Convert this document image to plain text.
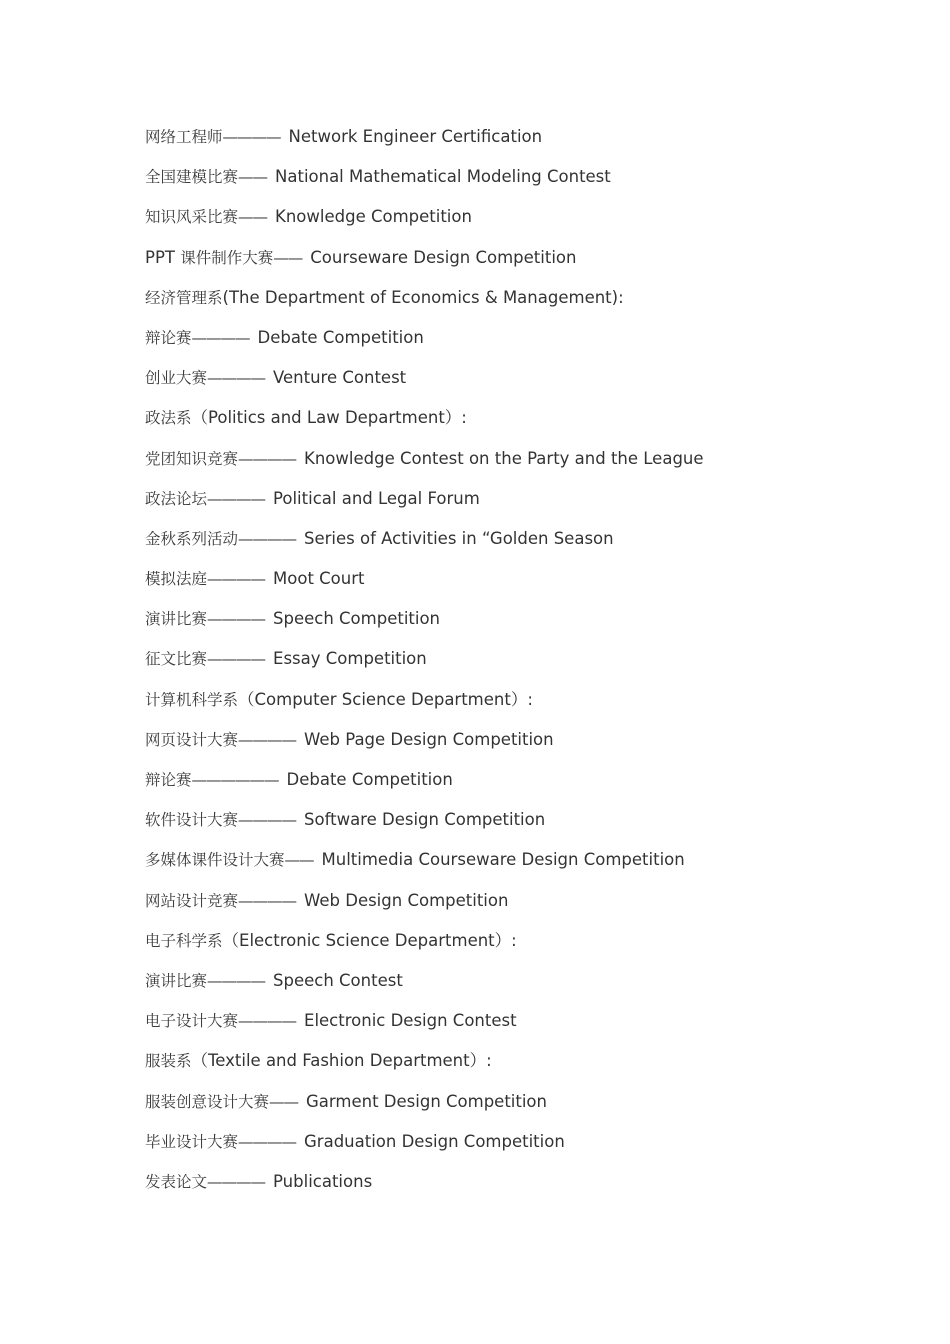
网络工程师———— Network Engineer Certification
全国建模比赛—— National Mathematical Modeling Contest
知识风采比赛—— Knowledge Competition
PPT 课件制作大赛—— Courseware Design Competition
经济管理系(The Department of Economics & Management):
辩论赛———— Debate Competition
创业大赛———— Venture Contest
政法系（Politics and Law Department）:
党团知识竞赛———— Knowledge Contest on the Party and the League
政法论坛———— Political and Legal Forum
金秋系列活动———— Series of Activities in “Golden Season
模拟法庭———— Moot Court
演讲比赛———— Speech Competition
征文比赛———— Essay Competition
计算机科学系（Computer Science Department）:
网页设计大赛———— Web Page Design Competition
辩论赛—————— Debate Competition
软件设计大赛———— Software Design Competition
多媒体课件设计大赛—— Multimedia Courseware Design Competition
网站设计竞赛———— Web Design Competition
电子科学系（Electronic Science Department）:
演讲比赛———— Speech Contest
电子设计大赛———— Electronic Design Contest
服装系（Textile and Fashion Department）:
服装创意设计大赛—— Garment Design Competition
毕业设计大赛———— Graduation Design Competition
发表论文———— Publications
